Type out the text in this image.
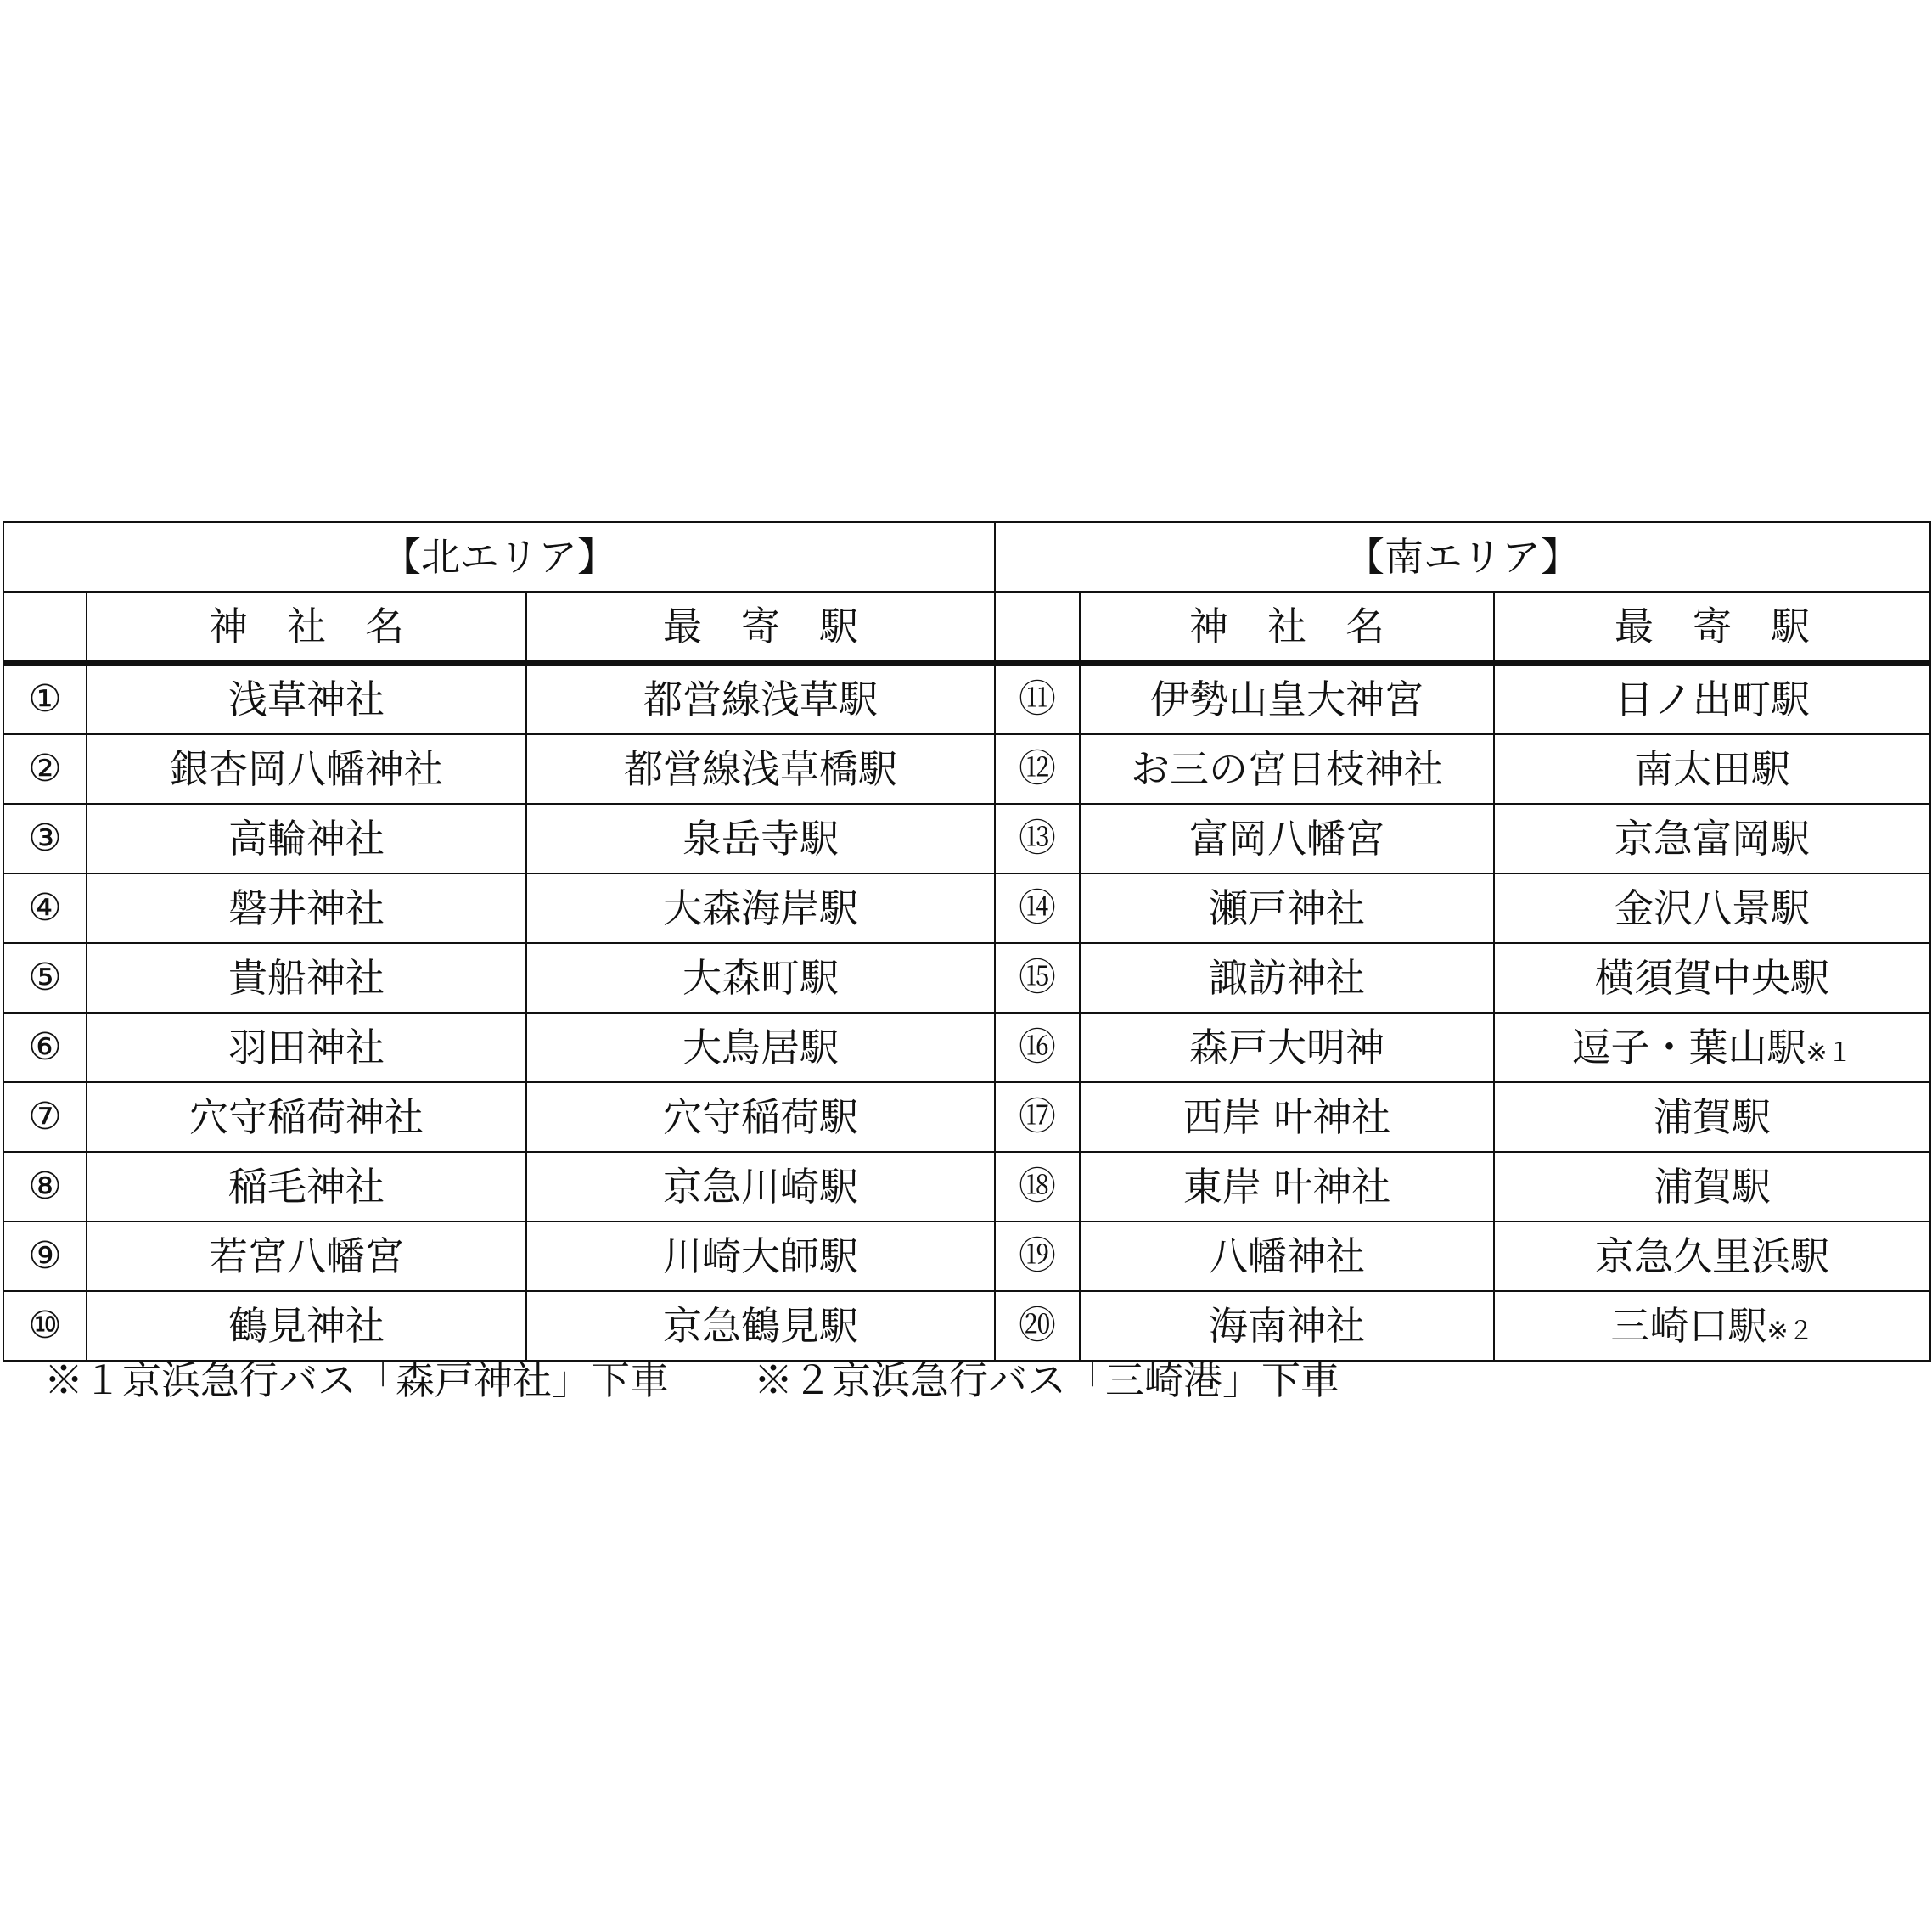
【北エリア】			【南エリア】		
	神　社　名	最　寄　駅		神　社　名	最　寄　駅
①	浅草神社	都営線浅草駅	⑪	伊勢山皇大神宮	日ノ出町駅
②	銀杏岡八幡神社	都営線浅草橋駅	⑫	お三の宮日枝神社	南太田駅
③	高輪神社	泉岳寺駅	⑬	富岡八幡宮	京急富岡駅
④	磐井神社	大森海岸駅	⑭	瀬戸神社	金沢八景駅
⑤	貴船神社	大森町駅	⑮	諏訪神社	横須賀中央駅
⑥	羽田神社	大鳥居駅	⑯	森戸大明神	逗子・葉山駅※１
⑦	穴守稲荷神社	穴守稲荷駅	⑰	西岸 叶神社	浦賀駅
⑧	稲毛神社	京急川崎駅	⑱	東岸 叶神社	浦賀駅
⑨	若宮八幡宮	川崎大師駅	⑲	八幡神社	京急久里浜駅
⑩	鶴見神社	京急鶴見駅	⑳	海南神社	三崎口駅※２
※１京浜急行バス「森戸神社」下車 ※２京浜急行バス「三崎港」下車
